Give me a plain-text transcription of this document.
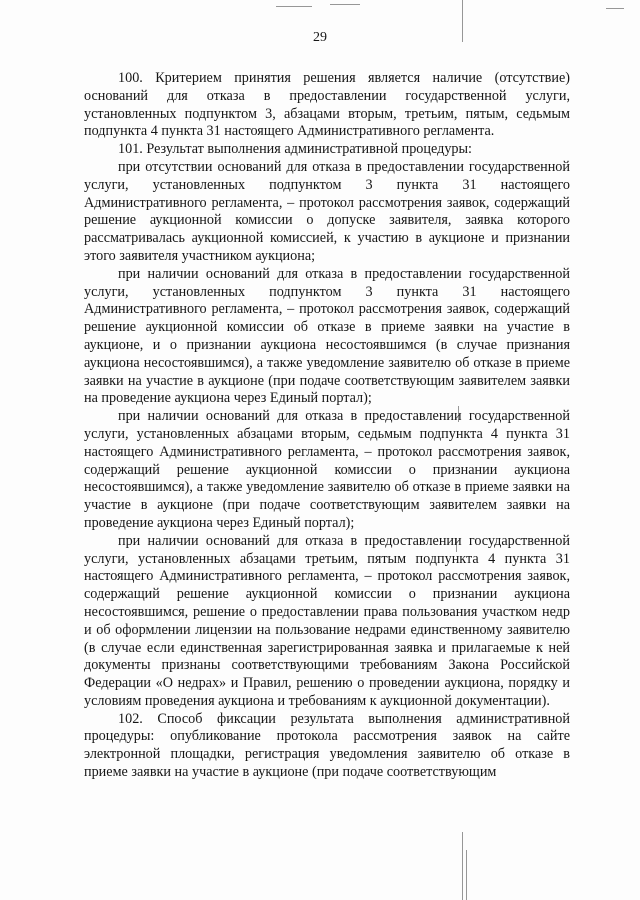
29

100. Критерием принятия решения является наличие (отсутствие) оснований для отказа в предоставлении государственной услуги, установленных подпунктом 3, абзацами вторым, третьим, пятым, седьмым подпункта 4 пункта 31 настоящего Административного регламента.

101. Результат выполнения административной процедуры:

при отсутствии оснований для отказа в предоставлении государственной услуги, установленных подпунктом 3 пункта 31 настоящего Административного регламента, – протокол рассмотрения заявок, содержащий решение аукционной комиссии о допуске заявителя, заявка которого рассматривалась аукционной комиссией, к участию в аукционе и признании этого заявителя участником аукциона;

при наличии оснований для отказа в предоставлении государственной услуги, установленных подпунктом 3 пункта 31 настоящего Административного регламента, – протокол рассмотрения заявок, содержащий решение аукционной комиссии об отказе в приеме заявки на участие в аукционе, и о признании аукциона несостоявшимся (в случае признания аукциона несостоявшимся), а также уведомление заявителю об отказе в приеме заявки на участие в аукционе (при подаче соответствующим заявителем заявки на проведение аукциона через Единый портал);

при наличии оснований для отказа в предоставлении государственной услуги, установленных абзацами вторым, седьмым подпункта 4 пункта 31 настоящего Административного регламента, – протокол рассмотрения заявок, содержащий решение аукционной комиссии о признании аукциона несостоявшимся), а также уведомление заявителю об отказе в приеме заявки на участие в аукционе (при подаче соответствующим заявителем заявки на проведение аукциона через Единый портал);

при наличии оснований для отказа в предоставлении государственной услуги, установленных абзацами третьим, пятым подпункта 4 пункта 31 настоящего Административного регламента, – протокол рассмотрения заявок, содержащий решение аукционной комиссии о признании аукциона несостоявшимся, решение о предоставлении права пользования участком недр и об оформлении лицензии на пользование недрами единственному заявителю (в случае если единственная зарегистрированная заявка и прилагаемые к ней документы признаны соответствующими требованиям Закона Российской Федерации «О недрах» и Правил, решению о проведении аукциона, порядку и условиям проведения аукциона и требованиям к аукционной документации).

102. Способ фиксации результата выполнения административной процедуры: опубликование протокола рассмотрения заявок на сайте электронной площадки, регистрация уведомления заявителю об отказе в приеме заявки на участие в аукционе (при подаче соответствующим
